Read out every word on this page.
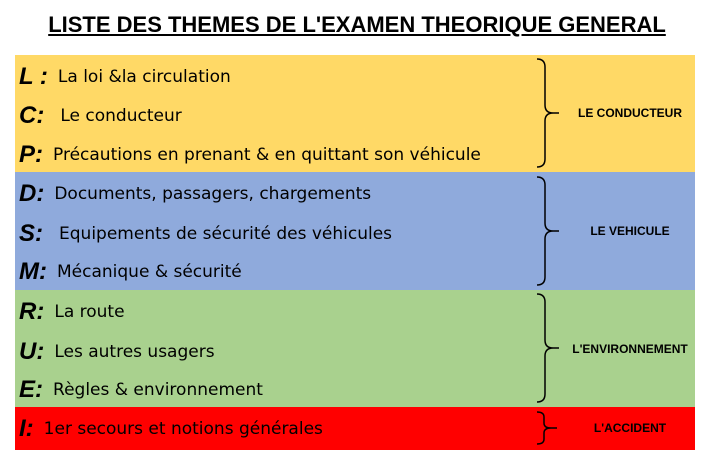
LISTE DES THEMES DE L'EXAMEN THEORIQUE GENERAL
L : La loi &la circulation
C: Le conducteur
P: Précautions en prenant & en quittant son véhicule
LE CONDUCTEUR
D: Documents, passagers, chargements
S: Equipements de sécurité des véhicules
M: Mécanique & sécurité
LE VEHICULE
R: La route
U: Les autres usagers
E: Règles & environnement
L'ENVIRONNEMENT
I: 1er secours et notions générales	L'ACCIDENT
